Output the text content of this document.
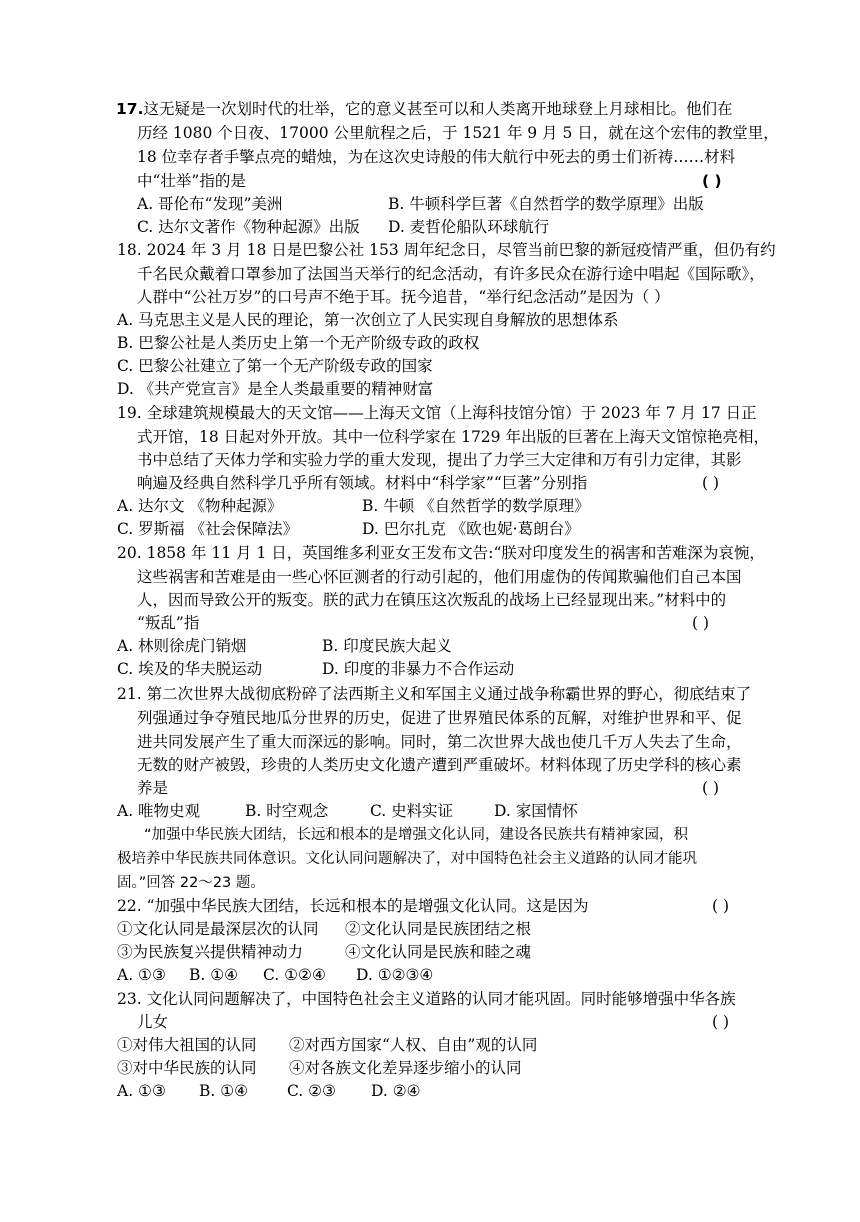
17.这无疑是一次划时代的壮举，它的意义甚至可以和人类离开地球登上月球相比。他们在
历经 1080 个日夜、17000 公里航程之后，于 1521 年 9 月 5 日，就在这个宏伟的教堂里，
18 位幸存者手擎点亮的蜡烛，为在这次史诗般的伟大航行中死去的勇士们祈祷……材料
中“壮举”指的是	( )
A. 哥伦布“发现”美洲	B. 牛顿科学巨著《自然哲学的数学原理》出版
C. 达尔文著作《物种起源》出版 D. 麦哲伦船队环球航行
18. 2024 年 3 月 18 日是巴黎公社 153 周年纪念日，尽管当前巴黎的新冠疫情严重，但仍有约
千名民众戴着口罩参加了法国当天举行的纪念活动，有许多民众在游行途中唱起《国际歌》，
人群中“公社万岁”的口号声不绝于耳。抚今追昔，“举行纪念活动”是因为（ ）
A. 马克思主义是人民的理论，第一次创立了人民实现自身解放的思想体系
B. 巴黎公社是人类历史上第一个无产阶级专政的政权
C. 巴黎公社建立了第一个无产阶级专政的国家
D. 《共产党宣言》是全人类最重要的精神财富
19. 全球建筑规模最大的天文馆——上海天文馆（上海科技馆分馆）于 2023 年 7 月 17 日正
式开馆，18 日起对外开放。其中一位科学家在 1729 年出版的巨著在上海天文馆惊艳亮相，
书中总结了天体力学和实验力学的重大发现，提出了力学三大定律和万有引力定律，其影
响遍及经典自然科学几乎所有领域。材料中“科学家”“巨著”分别指	( )
A. 达尔文 《物种起源》	B. 牛顿 《自然哲学的数学原理》
C. 罗斯福 《社会保障法》	D. 巴尔扎克 《欧也妮·葛朗台》
20. 1858 年 11 月 1 日，英国维多利亚女王发布文告:“朕对印度发生的祸害和苦难深为哀惋，
这些祸害和苦难是由一些心怀叵测者的行动引起的，他们用虚伪的传闻欺骗他们自己本国
人，因而导致公开的叛变。朕的武力在镇压这次叛乱的战场上已经显现出来。”材料中的
“叛乱”指	( )
A. 林则徐虎门销烟	B. 印度民族大起义
C. 埃及的华夫脱运动	D. 印度的非暴力不合作运动
21. 第二次世界大战彻底粉碎了法西斯主义和军国主义通过战争称霸世界的野心，彻底结束了
列强通过争夺殖民地瓜分世界的历史，促进了世界殖民体系的瓦解，对维护世界和平、促
进共同发展产生了重大而深远的影响。同时，第二次世界大战也使几千万人失去了生命，
无数的财产被毁，珍贵的人类历史文化遗产遭到严重破坏。材料体现了历史学科的核心素
养是	( )
A. 唯物史观	B. 时空观念	C. 史料实证	D. 家国情怀
“加强中华民族大团结，长远和根本的是增强文化认同，建设各民族共有精神家园，积
极培养中华民族共同体意识。文化认同问题解决了，对中国特色社会主义道路的认同才能巩
固。”回答 22～23 题。
22. “加强中华民族大团结，长远和根本的是增强文化认同。这是因为	( )
①文化认同是最深层次的认同 ②文化认同是民族团结之根
③为民族复兴提供精神动力	④文化认同是民族和睦之魂
A. ①③ B. ①④ C. ①②④ D. ①②③④
23. 文化认同问题解决了，中国特色社会主义道路的认同才能巩固。同时能够增强中华各族
儿女	( )
①对伟大祖国的认同 ②对西方国家“人权、自由”观的认同
③对中华民族的认同 ④对各族文化差异逐步缩小的认同
A. ①③ B. ①④	C. ②③ D. ②④
